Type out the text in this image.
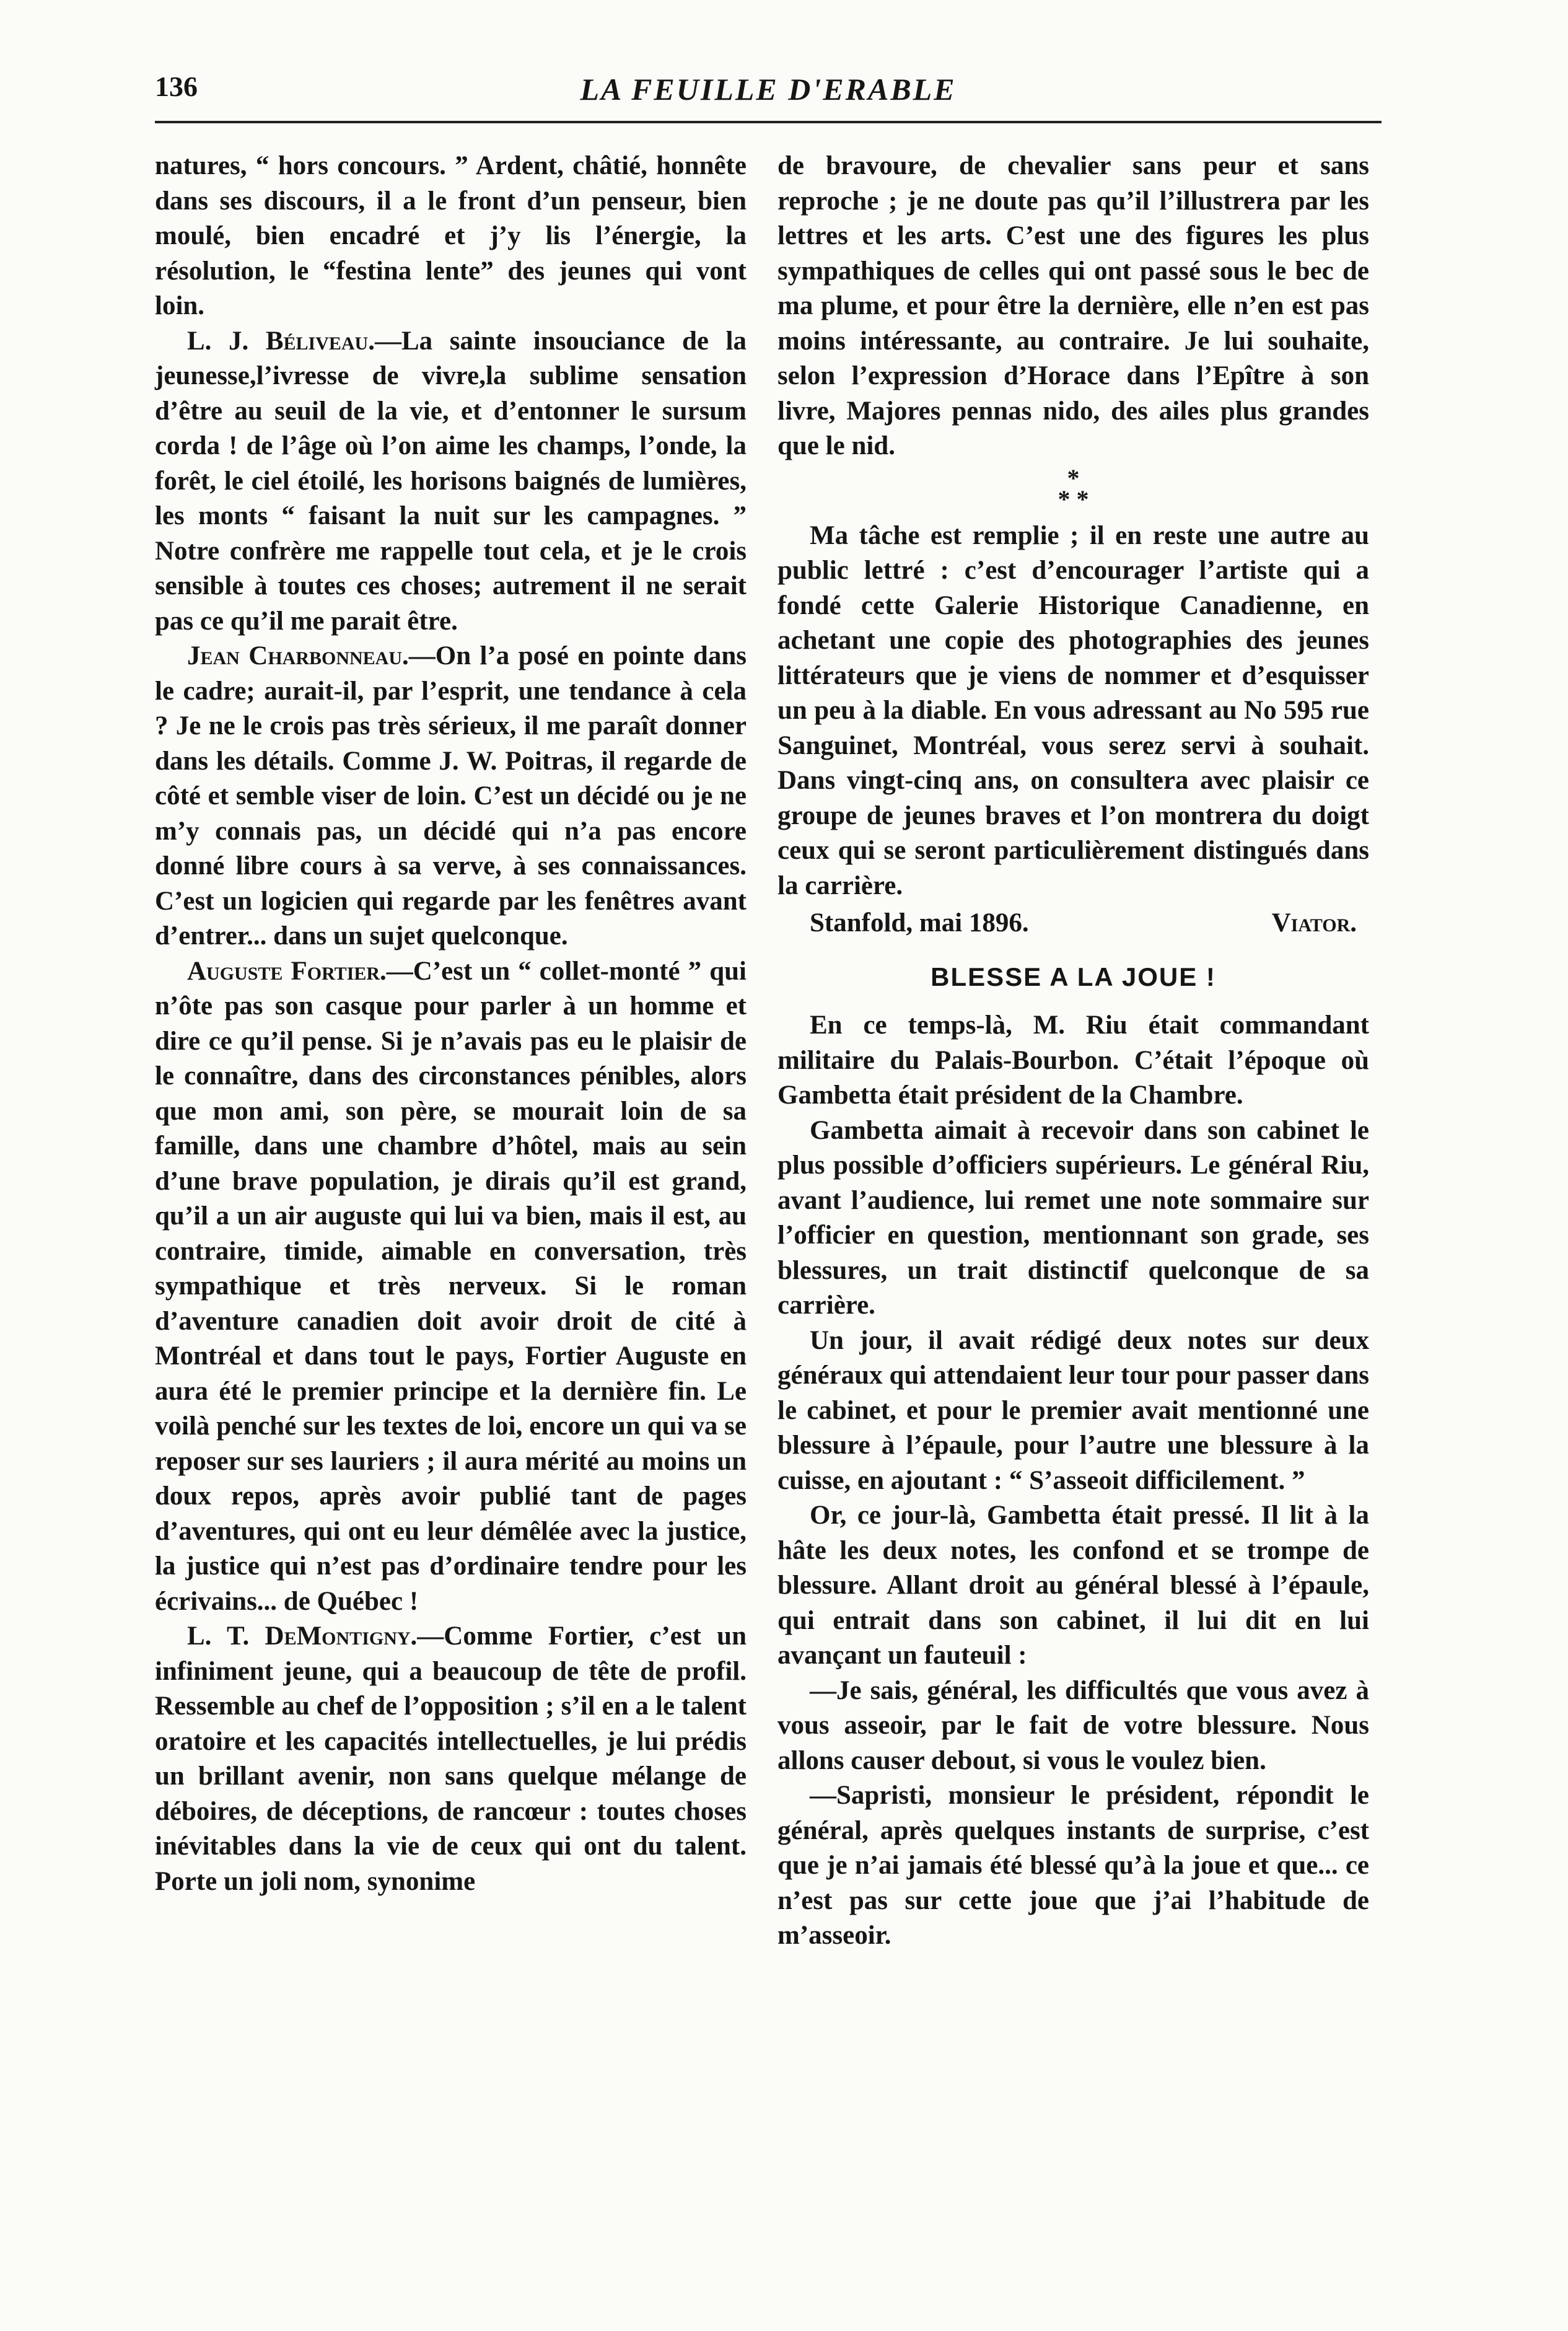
136	LA FEUILLE D'ERABLE

natures, “ hors concours. ” Ardent, châtié, honnête dans ses discours, il a le front d’un penseur, bien moulé, bien encadré et j’y lis l’énergie, la résolution, le “festina lente” des jeunes qui vont loin.

L. J. Béliveau.—La sainte insouciance de la jeunesse,l’ivresse de vivre,la sublime sensation d’être au seuil de la vie, et d’entonner le sursum corda ! de l’âge où l’on aime les champs, l’onde, la forêt, le ciel étoilé, les horisons baignés de lumières, les monts “ faisant la nuit sur les campagnes. ” Notre confrère me rappelle tout cela, et je le crois sensible à toutes ces choses; autrement il ne serait pas ce qu’il me parait être.

Jean Charbonneau.—On l’a posé en pointe dans le cadre; aurait-il, par l’esprit, une tendance à cela ? Je ne le crois pas très sérieux, il me paraît donner dans les détails. Comme J. W. Poitras, il regarde de côté et semble viser de loin. C’est un décidé ou je ne m’y connais pas, un décidé qui n’a pas encore donné libre cours à sa verve, à ses connaissances. C’est un logicien qui regarde par les fenêtres avant d’entrer... dans un sujet quelconque.

Auguste Fortier.—C’est un “ collet-monté ” qui n’ôte pas son casque pour parler à un homme et dire ce qu’il pense. Si je n’avais pas eu le plaisir de le connaître, dans des circonstances pénibles, alors que mon ami, son père, se mourait loin de sa famille, dans une chambre d’hôtel, mais au sein d’une brave population, je dirais qu’il est grand, qu’il a un air auguste qui lui va bien, mais il est, au contraire, timide, aimable en conversation, très sympathique et très nerveux. Si le roman d’aventure canadien doit avoir droit de cité à Montréal et dans tout le pays, Fortier Auguste en aura été le premier principe et la dernière fin. Le voilà penché sur les textes de loi, encore un qui va se reposer sur ses lauriers ; il aura mérité au moins un doux repos, après avoir publié tant de pages d’aventures, qui ont eu leur démêlée avec la justice, la justice qui n’est pas d’ordinaire tendre pour les écrivains... de Québec !

L. T. DeMontigny.—Comme Fortier, c’est un infiniment jeune, qui a beaucoup de tête de profil. Ressemble au chef de l’opposition ; s’il en a le talent oratoire et les capacités intellectuelles, je lui prédis un brillant avenir, non sans quelque mélange de déboires, de déceptions, de rancœur : toutes choses inévitables dans la vie de ceux qui ont du talent. Porte un joli nom, synonime

de bravoure, de chevalier sans peur et sans reproche ; je ne doute pas qu’il l’illustrera par les lettres et les arts. C’est une des figures les plus sympathiques de celles qui ont passé sous le bec de ma plume, et pour être la dernière, elle n’en est pas moins intéressante, au contraire. Je lui souhaite, selon l’expression d’Horace dans l’Epître à son livre, Majores pennas nido, des ailes plus grandes que le nid.

*
* *

Ma tâche est remplie ; il en reste une autre au public lettré : c’est d’encourager l’artiste qui a fondé cette Galerie Historique Canadienne, en achetant une copie des photographies des jeunes littérateurs que je viens de nommer et d’esquisser un peu à la diable. En vous adressant au No 595 rue Sanguinet, Montréal, vous serez servi à souhait. Dans vingt-cinq ans, on consultera avec plaisir ce groupe de jeunes braves et l’on montrera du doigt ceux qui se seront particulièrement distingués dans la carrière.

Stanfold, mai 1896.	Viator.
BLESSE A LA JOUE !

En ce temps-là, M. Riu était commandant militaire du Palais-Bourbon. C’était l’époque où Gambetta était président de la Chambre.

Gambetta aimait à recevoir dans son cabinet le plus possible d’officiers supérieurs. Le général Riu, avant l’audience, lui remet une note sommaire sur l’officier en question, mentionnant son grade, ses blessures, un trait distinctif quelconque de sa carrière.

Un jour, il avait rédigé deux notes sur deux généraux qui attendaient leur tour pour passer dans le cabinet, et pour le premier avait mentionné une blessure à l’épaule, pour l’autre une blessure à la cuisse, en ajoutant : “ S’asseoit difficilement. ”

Or, ce jour-là, Gambetta était pressé. Il lit à la hâte les deux notes, les confond et se trompe de blessure. Allant droit au général blessé à l’épaule, qui entrait dans son cabinet, il lui dit en lui avançant un fauteuil :

—Je sais, général, les difficultés que vous avez à vous asseoir, par le fait de votre blessure. Nous allons causer debout, si vous le voulez bien.

—Sapristi, monsieur le président, répondit le général, après quelques instants de surprise, c’est que je n’ai jamais été blessé qu’à la joue et que... ce n’est pas sur cette joue que j’ai l’habitude de m’asseoir.
